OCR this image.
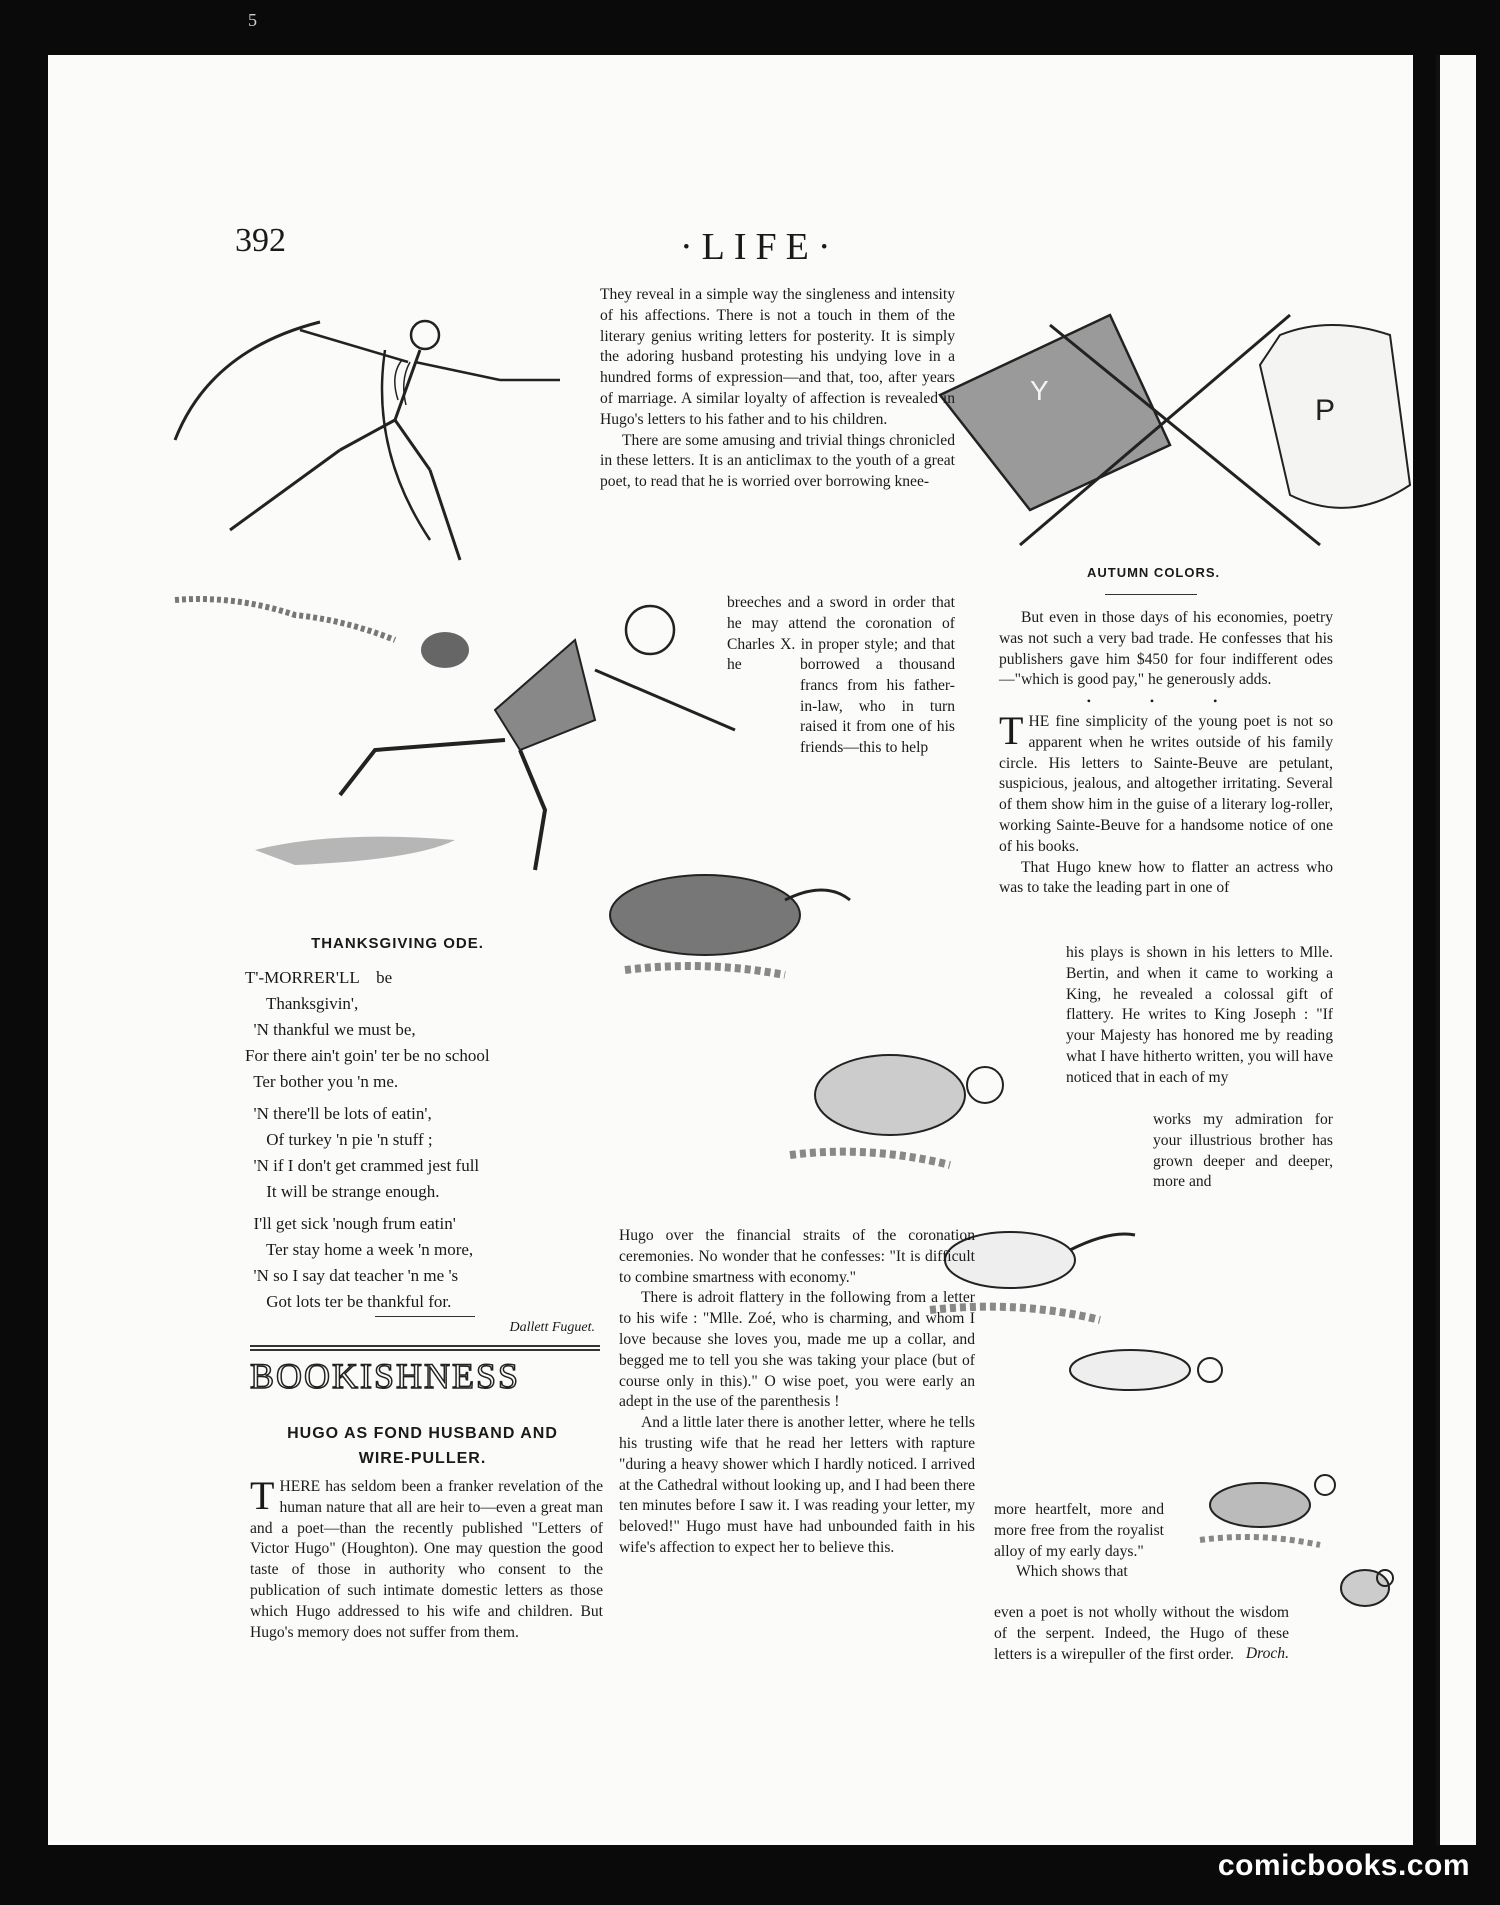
5
comicbooks.com
392	·LIFE·
Y
P
AUTUMN COLORS.
THANKSGIVING ODE.
T'-MORRER'LL    be
Thanksgivin',
'N thankful we must be,
For there ain't goin' ter be no school
Ter bother you 'n me.
'N there'll be lots of eatin',
Of turkey 'n pie 'n stuff ;
'N if I don't get crammed jest full
It will be strange enough.
I'll get sick 'nough frum eatin'
Ter stay home a week 'n more,
'N so I say dat teacher 'n me 's
Got lots ter be thankful for.
Dallett Fuguet.
BOOKISHNESS
HUGO AS FOND HUSBAND AND
WIRE-PULLER.

THERE has seldom been a franker revelation of the human nature that all are heir to—even a great man and a poet—than the recently published "Letters of Victor Hugo" (Houghton). One may question the good taste of those in authority who consent to the publication of such intimate domestic letters as those which Hugo addressed to his wife and children. But Hugo's memory does not suffer from them.

They reveal in a simple way the singleness and intensity of his affections. There is not a touch in them of the literary genius writing letters for posterity. It is simply the adoring husband protesting his undying love in a hundred forms of expression—and that, too, after years of marriage. A similar loyalty of affection is revealed in Hugo's letters to his father and to his children.

There are some amusing and trivial things chronicled in these letters. It is an anticlimax to the youth of a great poet, to read that he is worried over borrowing knee-

breeches and a sword in order that he may attend the coronation of Charles X. in proper style; and that he	borrowed a thousand francs from his father-in-law, who in turn raised it from one of his friends—this to help

Hugo over the financial straits of the coronation ceremonies. No wonder that he confesses: "It is difficult to combine smartness with economy."

There is adroit flattery in the following from a letter to his wife : "Mlle. Zoé, who is charming, and whom I love because she loves you, made me up a collar, and begged me to tell you she was taking your place (but of course only in this)." O wise poet, you were early an adept in the use of the parenthesis !

And a little later there is another letter, where he tells his trusting wife that he read her letters with rapture "during a heavy shower which I hardly noticed. I arrived at the Cathedral without looking up, and I had been there ten minutes before I saw it. I was reading your letter, my beloved!" Hugo must have had unbounded faith in his wife's affection to expect her to believe this.

But even in those days of his economies, poetry was not such a very bad trade. He confesses that his publishers gave him $450 for four indifferent odes—"which is good pay," he generously adds.

• • •

THE fine simplicity of the young poet is not so apparent when he writes outside of his family circle. His letters to Sainte-Beuve are petulant, suspicious, jealous, and altogether irritating. Several of them show him in the guise of a literary log-roller, working Sainte-Beuve for a handsome notice of one of his books.

That Hugo knew how to flatter an actress who was to take the leading part in one of

his plays is shown in his letters to Mlle. Bertin, and when it came to working a King, he revealed a colossal gift of flattery. He writes to King Joseph : "If your Majesty has honored me by reading what I have hitherto written, you will have noticed that in each of my

works my admiration for your illustrious brother has grown deeper and deeper, more and

more heartfelt, more and more free from the royalist alloy of my early days."

Which shows that

even a poet is not wholly without the wisdom of the serpent. Indeed, the Hugo of these letters is a wirepuller of the first order. Droch.
